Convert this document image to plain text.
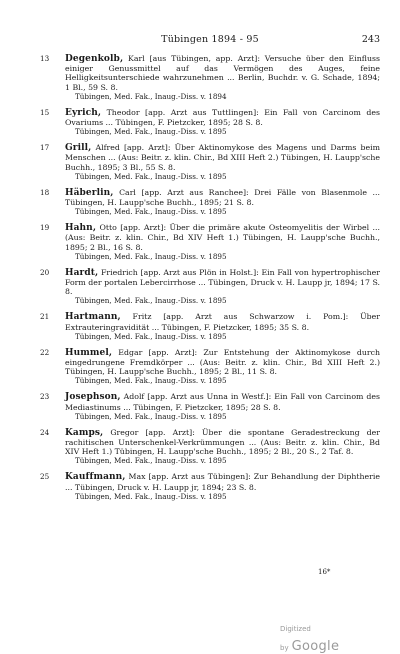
Tübingen 1894 - 95	243
13 Degenkolb, Karl [aus Tübingen, app. Arzt]: Versuche über den Einfluss einiger Genussmittel auf das Vermögen des Auges, feine Helligkeitsunterschiede wahrzunehmen ... Berlin, Buchdr. v. G. Schade, 1894; 1 Bl., 59 S. 8.
Tübingen, Med. Fak., Inaug.-Diss. v. 1894
15 Eyrich, Theodor [app. Arzt aus Tuttlingen]: Ein Fall von Carcinom des Ovariums ... Tübingen, F. Pietzcker, 1895; 28 S. 8.
Tübingen, Med. Fak., Inaug.-Diss. v. 1895
17 Grill, Alfred [app. Arzt]: Über Aktinomykose des Magens und Darms beim Menschen ... (Aus: Beitr. z. klin. Chir., Bd XIII Heft 2.) Tübingen, H. Laupp'sche Buchh., 1895; 3 Bl., 55 S. 8.
Tübingen, Med. Fak., Inaug.-Diss. v. 1895
18 Häberlin, Carl [app. Arzt aus Ranchee]: Drei Fälle von Blasenmole ... Tübingen, H. Laupp'sche Buchh., 1895; 21 S. 8.
Tübingen, Med. Fak., Inaug.-Diss. v. 1895
19 Hahn, Otto [app. Arzt]: Über die primäre akute Osteomyelitis der Wirbel ... (Aus: Beitr. z. klin. Chir., Bd XIV Heft 1.) Tübingen, H. Laupp'sche Buchh., 1895; 2 Bl., 16 S. 8.
Tübingen, Med. Fak., Inaug.-Diss. v. 1895
20 Hardt, Friedrich [app. Arzt aus Plön in Holst.]: Ein Fall von hypertrophischer Form der portalen Lebercirrhose ... Tübingen, Druck v. H. Laupp jr, 1894; 17 S. 8.
Tübingen, Med. Fak., Inaug.-Diss. v. 1895
21 Hartmann, Fritz [app. Arzt aus Schwarzow i. Pom.]: Über Extrauteringravidität ... Tübingen, F. Pietzcker, 1895; 35 S. 8.
Tübingen, Med. Fak., Inaug.-Diss. v. 1895
22 Hummel, Edgar [app. Arzt]: Zur Entstehung der Aktinomykose durch eingedrungene Fremdkörper ... (Aus: Beitr. z. klin. Chir., Bd XIII Heft 2.) Tübingen, H. Laupp'sche Buchh., 1895; 2 Bl., 11 S. 8.
Tübingen, Med. Fak., Inaug.-Diss. v. 1895
23 Josephson, Adolf [app. Arzt aus Unna in Westf.]: Ein Fall von Carcinom des Mediastinums ... Tübingen, F. Pietzcker, 1895; 28 S. 8.
Tübingen, Med. Fak., Inaug.-Diss. v. 1895
24 Kamps, Gregor [app. Arzt]: Über die spontane Geradestreckung der rachitischen Unterschenkel-Verkrümmungen ... (Aus: Beitr. z. klin. Chir., Bd XIV Heft 1.) Tübingen, H. Laupp'sche Buchh., 1895; 2 Bl., 20 S., 2 Taf. 8.
Tübingen, Med. Fak., Inaug.-Diss. v. 1895
25 Kauffmann, Max [app. Arzt aus Tübingen]: Zur Behandlung der Diphtherie ... Tübingen, Druck v. H. Laupp jr, 1894; 23 S. 8.
Tübingen, Med. Fak., Inaug.-Diss. v. 1895
16*
Digitized by Google
